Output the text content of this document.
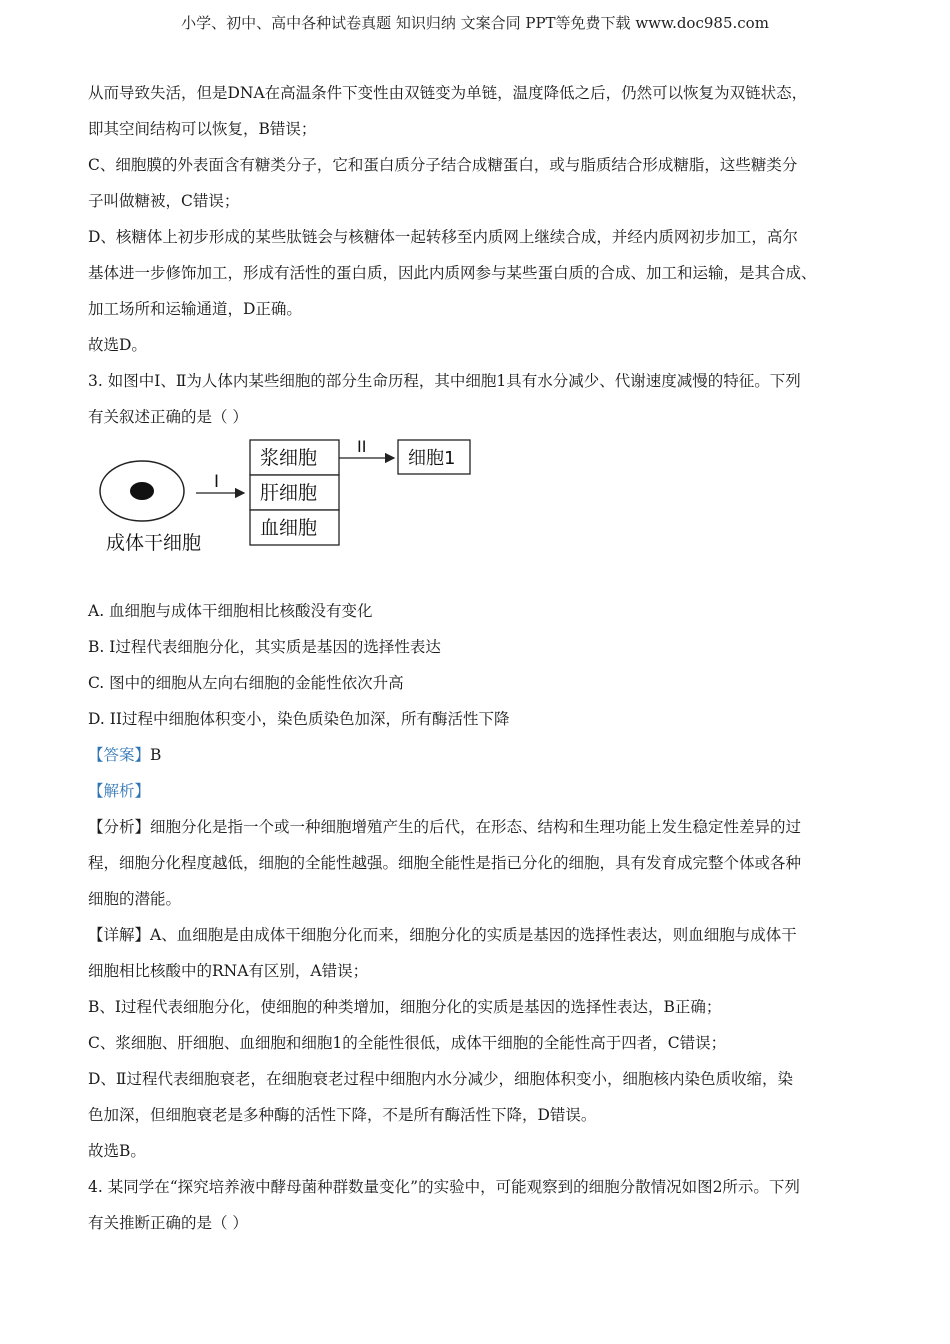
小学、初中、高中各种试卷真题 知识归纳 文案合同 PPT等免费下载 www.doc985.com
从而导致失活，但是DNA在高温条件下变性由双链变为单链，温度降低之后，仍然可以恢复为双链状态，
即其空间结构可以恢复，B错误；
C、细胞膜的外表面含有糖类分子，它和蛋白质分子结合成糖蛋白，或与脂质结合形成糖脂，这些糖类分
子叫做糖被，C错误；
D、核糖体上初步形成的某些肽链会与核糖体一起转移至内质网上继续合成，并经内质网初步加工，高尔
基体进一步修饰加工，形成有活性的蛋白质，因此内质网参与某些蛋白质的合成、加工和运输，是其合成、
加工场所和运输通道，D正确。
故选D。
3. 如图中Ⅰ、Ⅱ为人体内某些细胞的部分生命历程，其中细胞1具有水分减少、代谢速度减慢的特征。下列
有关叙述正确的是（ ）
成体干细胞
I
浆细胞
肝细胞
血细胞
II
细胞1
A. 血细胞与成体干细胞相比核酸没有变化
B. I过程代表细胞分化，其实质是基因的选择性表达
C. 图中的细胞从左向右细胞的金能性依次升高
D. II过程中细胞体积变小，染色质染色加深，所有酶活性下降
【答案】B
【解析】
【分析】细胞分化是指一个或一种细胞增殖产生的后代，在形态、结构和生理功能上发生稳定性差异的过
程，细胞分化程度越低，细胞的全能性越强。细胞全能性是指已分化的细胞，具有发育成完整个体或各种
细胞的潜能。
【详解】A、血细胞是由成体干细胞分化而来，细胞分化的实质是基因的选择性表达，则血细胞与成体干
细胞相比核酸中的RNA有区别，A错误；
B、Ⅰ过程代表细胞分化，使细胞的种类增加，细胞分化的实质是基因的选择性表达，B正确；
C、浆细胞、肝细胞、血细胞和细胞1的全能性很低，成体干细胞的全能性高于四者，C错误；
D、Ⅱ过程代表细胞衰老，在细胞衰老过程中细胞内水分减少，细胞体积变小，细胞核内染色质收缩，染
色加深，但细胞衰老是多种酶的活性下降，不是所有酶活性下降，D错误。
故选B。
4. 某同学在“探究培养液中酵母菌种群数量变化”的实验中，可能观察到的细胞分散情况如图2所示。下列
有关推断正确的是（ ）
